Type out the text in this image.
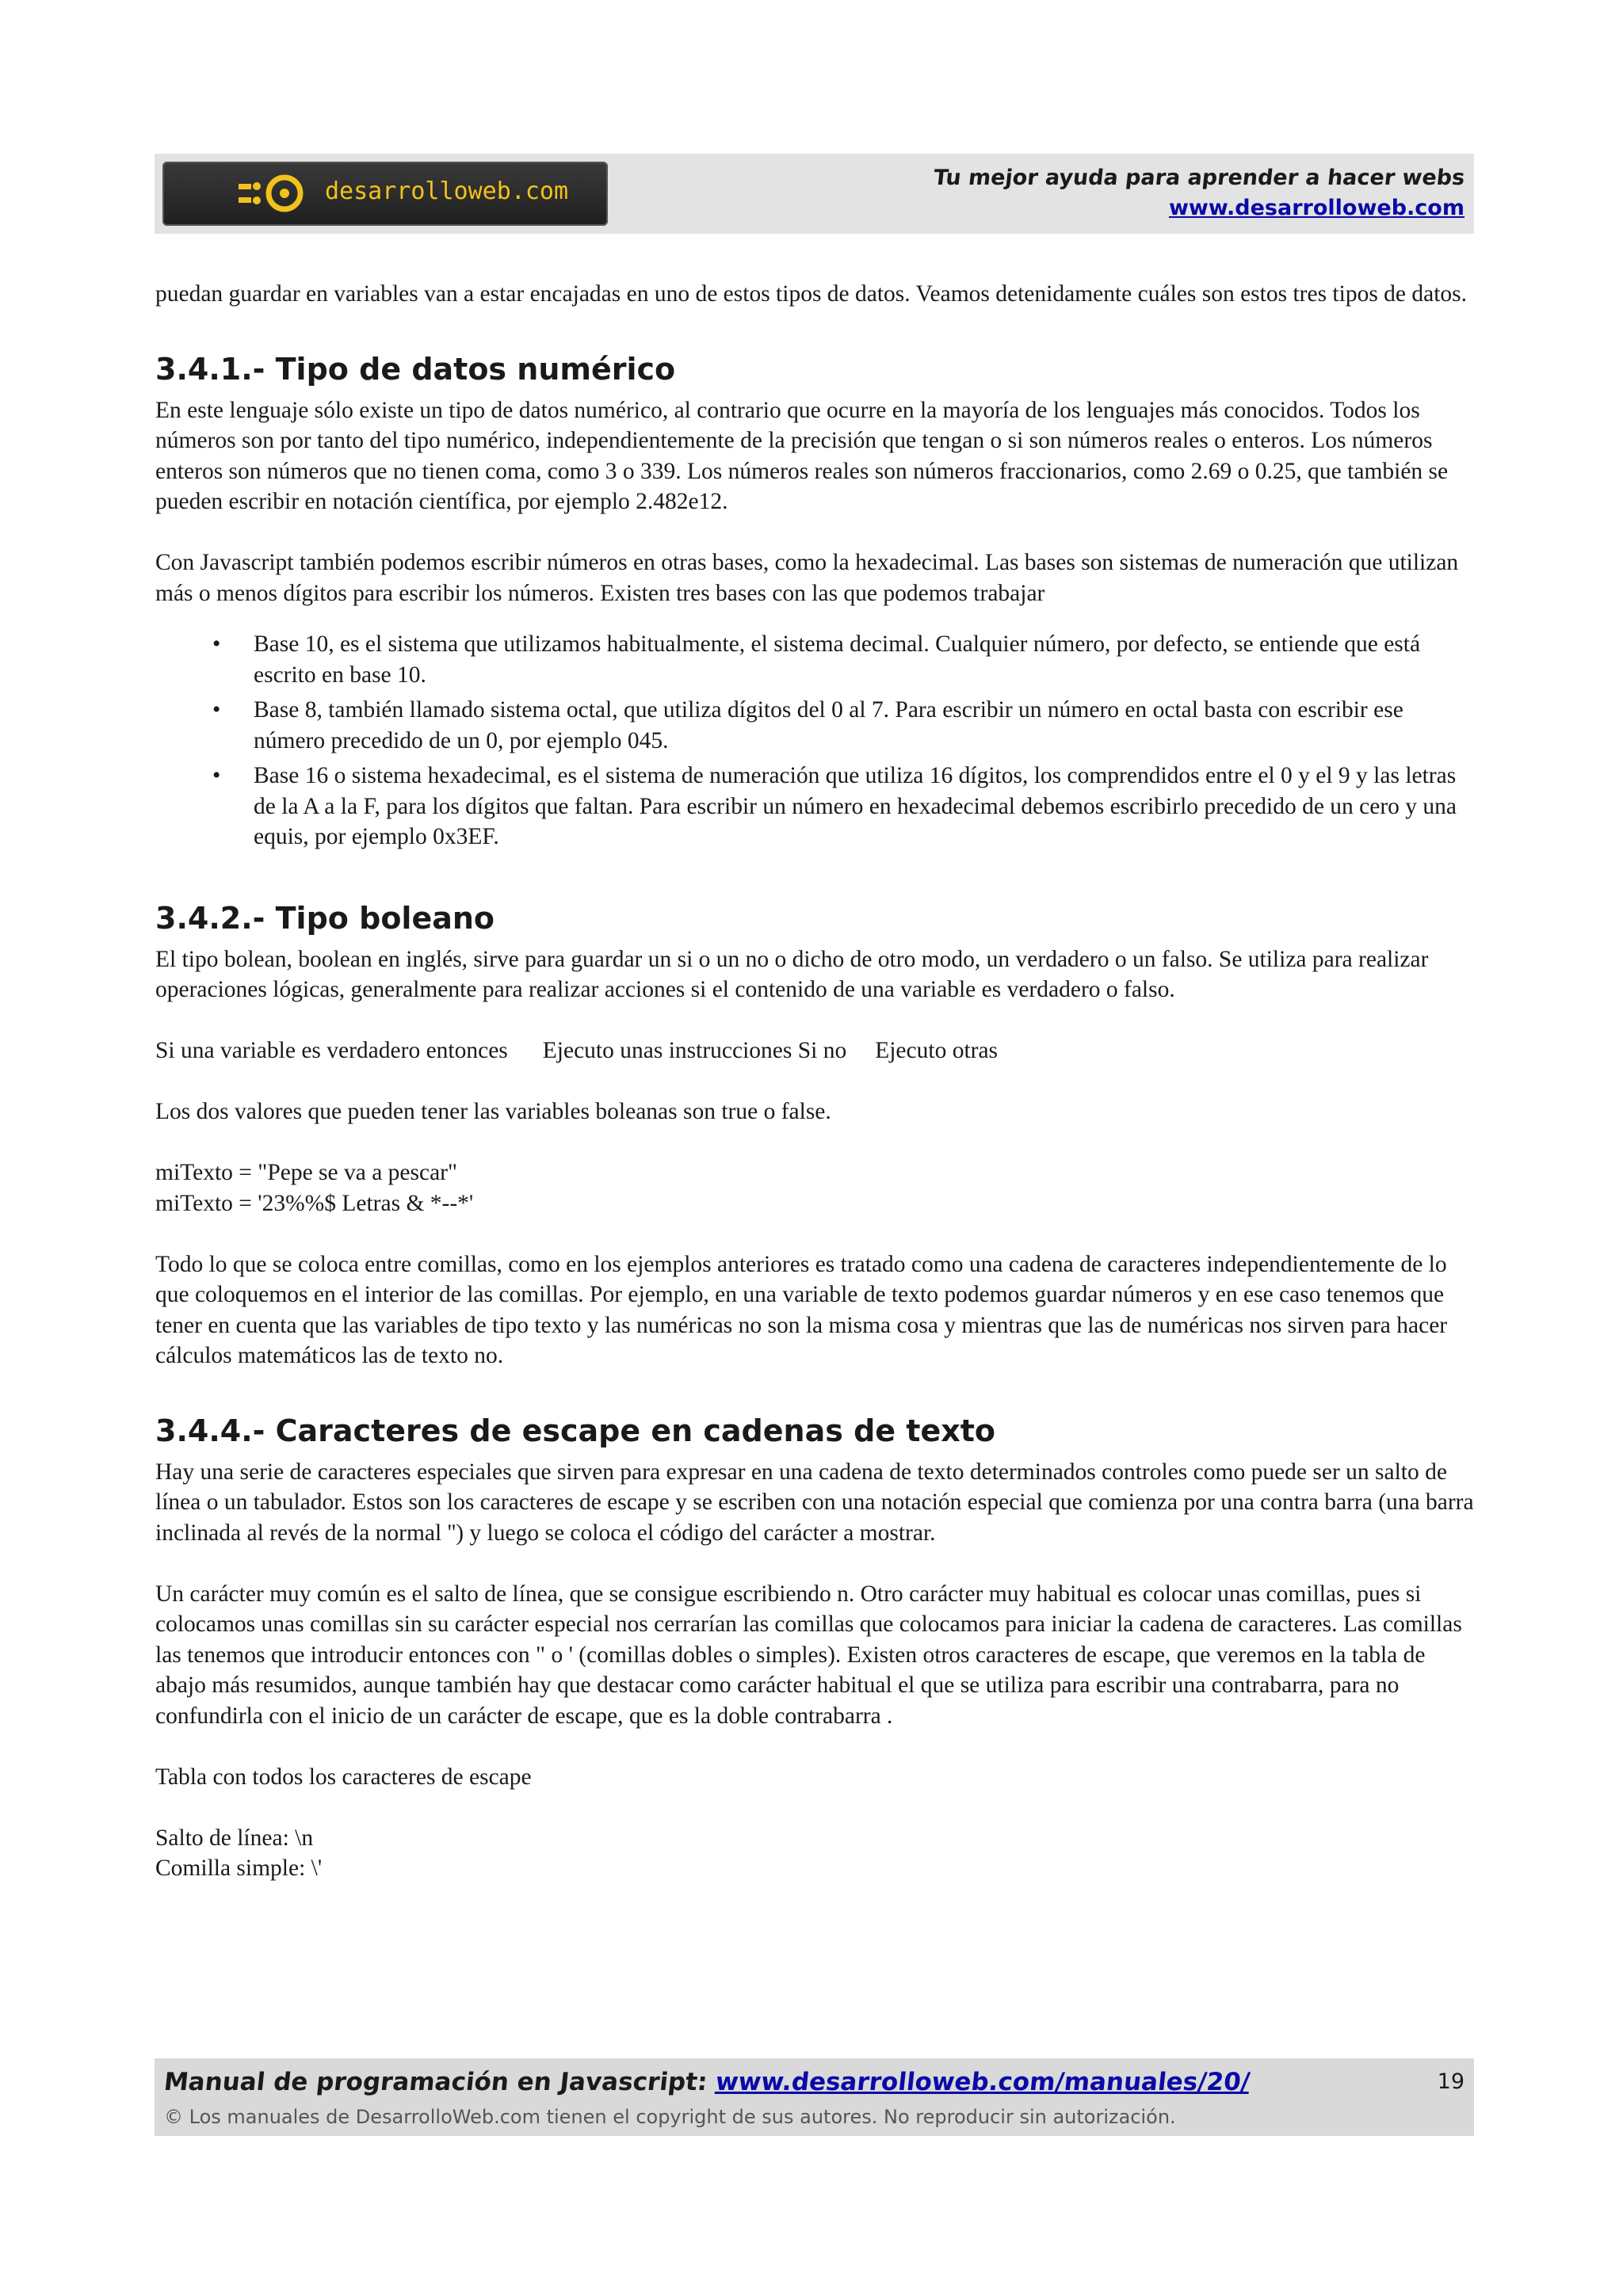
desarrolloweb.com	Tu mejor ayuda para aprender a hacer webs
www.desarrolloweb.com

puedan guardar en variables van a estar encajadas en uno de estos tipos de datos. Veamos detenidamente cuáles son estos tres tipos de datos.

3.4.1.- Tipo de datos numérico

En este lenguaje sólo existe un tipo de datos numérico, al contrario que ocurre en la mayoría de los lenguajes más conocidos. Todos los números son por tanto del tipo numérico, independientemente de la precisión que tengan o si son números reales o enteros. Los números enteros son números que no tienen coma, como 3 o 339. Los números reales son números fraccionarios, como 2.69 o 0.25, que también se pueden escribir en notación científica, por ejemplo 2.482e12.

Con Javascript también podemos escribir números en otras bases, como la hexadecimal. Las bases son sistemas de numeración que utilizan más o menos dígitos para escribir los números. Existen tres bases con las que podemos trabajar

• Base 10, es el sistema que utilizamos habitualmente, el sistema decimal. Cualquier número, por defecto, se entiende que está escrito en base 10.
• Base 8, también llamado sistema octal, que utiliza dígitos del 0 al 7. Para escribir un número en octal basta con escribir ese número precedido de un 0, por ejemplo 045.
• Base 16 o sistema hexadecimal, es el sistema de numeración que utiliza 16 dígitos, los comprendidos entre el 0 y el 9 y las letras de la A a la F, para los dígitos que faltan. Para escribir un número en hexadecimal debemos escribirlo precedido de un cero y una equis, por ejemplo 0x3EF.
3.4.2.- Tipo boleano

El tipo bolean, boolean en inglés, sirve para guardar un si o un no o dicho de otro modo, un verdadero o un falso. Se utiliza para realizar operaciones lógicas, generalmente para realizar acciones si el contenido de una variable es verdadero o falso.

Si una variable es verdadero entonces Ejecuto unas instrucciones Si no Ejecuto otras

Los dos valores que pueden tener las variables boleanas son true o false.

miTexto = "Pepe se va a pescar"

miTexto = '23%%$ Letras & *--*'

Todo lo que se coloca entre comillas, como en los ejemplos anteriores es tratado como una cadena de caracteres independientemente de lo que coloquemos en el interior de las comillas. Por ejemplo, en una variable de texto podemos guardar números y en ese caso tenemos que tener en cuenta que las variables de tipo texto y las numéricas no son la misma cosa y mientras que las de numéricas nos sirven para hacer cálculos matemáticos las de texto no.

3.4.4.- Caracteres de escape en cadenas de texto

Hay una serie de caracteres especiales que sirven para expresar en una cadena de texto determinados controles como puede ser un salto de línea o un tabulador. Estos son los caracteres de escape y se escriben con una notación especial que comienza por una contra barra (una barra inclinada al revés de la normal '') y luego se coloca el código del carácter a mostrar.

Un carácter muy común es el salto de línea, que se consigue escribiendo n. Otro carácter muy habitual es colocar unas comillas, pues si colocamos unas comillas sin su carácter especial nos cerrarían las comillas que colocamos para iniciar la cadena de caracteres. Las comillas las tenemos que introducir entonces con " o ' (comillas dobles o simples). Existen otros caracteres de escape, que veremos en la tabla de abajo más resumidos, aunque también hay que destacar como carácter habitual el que se utiliza para escribir una contrabarra, para no confundirla con el inicio de un carácter de escape, que es la doble contrabarra .

Tabla con todos los caracteres de escape

Salto de línea: \n

Comilla simple: \'

Manual de programación en Javascript: www.desarrolloweb.com/manuales/20/
© Los manuales de DesarrolloWeb.com tienen el copyright de sus autores. No reproducir sin autorización.
19
